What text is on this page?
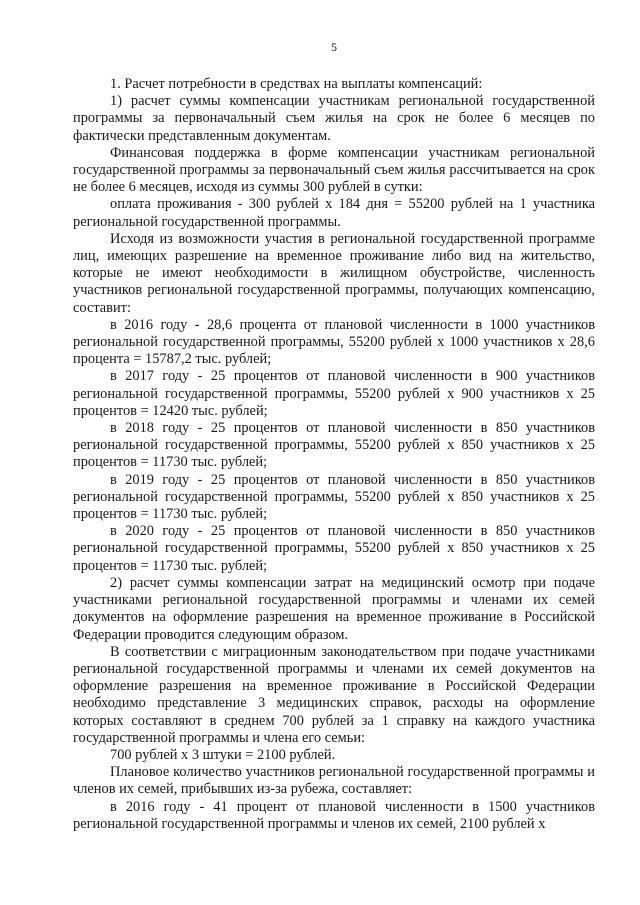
5

1. Расчет потребности в средствах на выплаты компенсаций:

1) расчет суммы компенсации участникам региональной государственной программы за первоначальный съем жилья на срок не более 6 месяцев по фактически представленным документам.

Финансовая поддержка в форме компенсации участникам региональной государственной программы за первоначальный съем жилья рассчитывается на срок не более 6 месяцев, исходя из суммы 300 рублей в сутки:

оплата проживания - 300 рублей х 184 дня = 55200 рублей на 1 участника региональной государственной программы.

Исходя из возможности участия в региональной государственной программе лиц, имеющих разрешение на временное проживание либо вид на жительство, которые не имеют необходимости в жилищном обустройстве, численность участников региональной государственной программы, получающих компенсацию, составит:

в 2016 году - 28,6 процента от плановой численности в 1000 участников региональной государственной программы, 55200 рублей х 1000 участников х 28,6 процента = 15787,2 тыс. рублей;

в 2017 году - 25 процентов от плановой численности в 900 участников региональной государственной программы, 55200 рублей х 900 участников х 25 процентов = 12420 тыс. рублей;

в 2018 году - 25 процентов от плановой численности в 850 участников региональной государственной программы, 55200 рублей х 850 участников х 25 процентов = 11730 тыс. рублей;

в 2019 году - 25 процентов от плановой численности в 850 участников региональной государственной программы, 55200 рублей х 850 участников х 25 процентов = 11730 тыс. рублей;

в 2020 году - 25 процентов от плановой численности в 850 участников региональной государственной программы, 55200 рублей х 850 участников х 25 процентов = 11730 тыс. рублей;

2) расчет суммы компенсации затрат на медицинский осмотр при подаче участниками региональной государственной программы и членами их семей документов на оформление разрешения на временное проживание в Российской Федерации проводится следующим образом.

В соответствии с миграционным законодательством при подаче участниками региональной государственной программы и членами их семей документов на оформление разрешения на временное проживание в Российской Федерации необходимо представление 3 медицинских справок, расходы на оформление которых составляют в среднем 700 рублей за 1 справку на каждого участника государственной программы и члена его семьи:

700 рублей х 3 штуки = 2100 рублей.

Плановое количество участников региональной государственной программы и членов их семей, прибывших из-за рубежа, составляет:

в 2016 году - 41 процент от плановой численности в 1500 участников региональной государственной программы и членов их семей, 2100 рублей х
